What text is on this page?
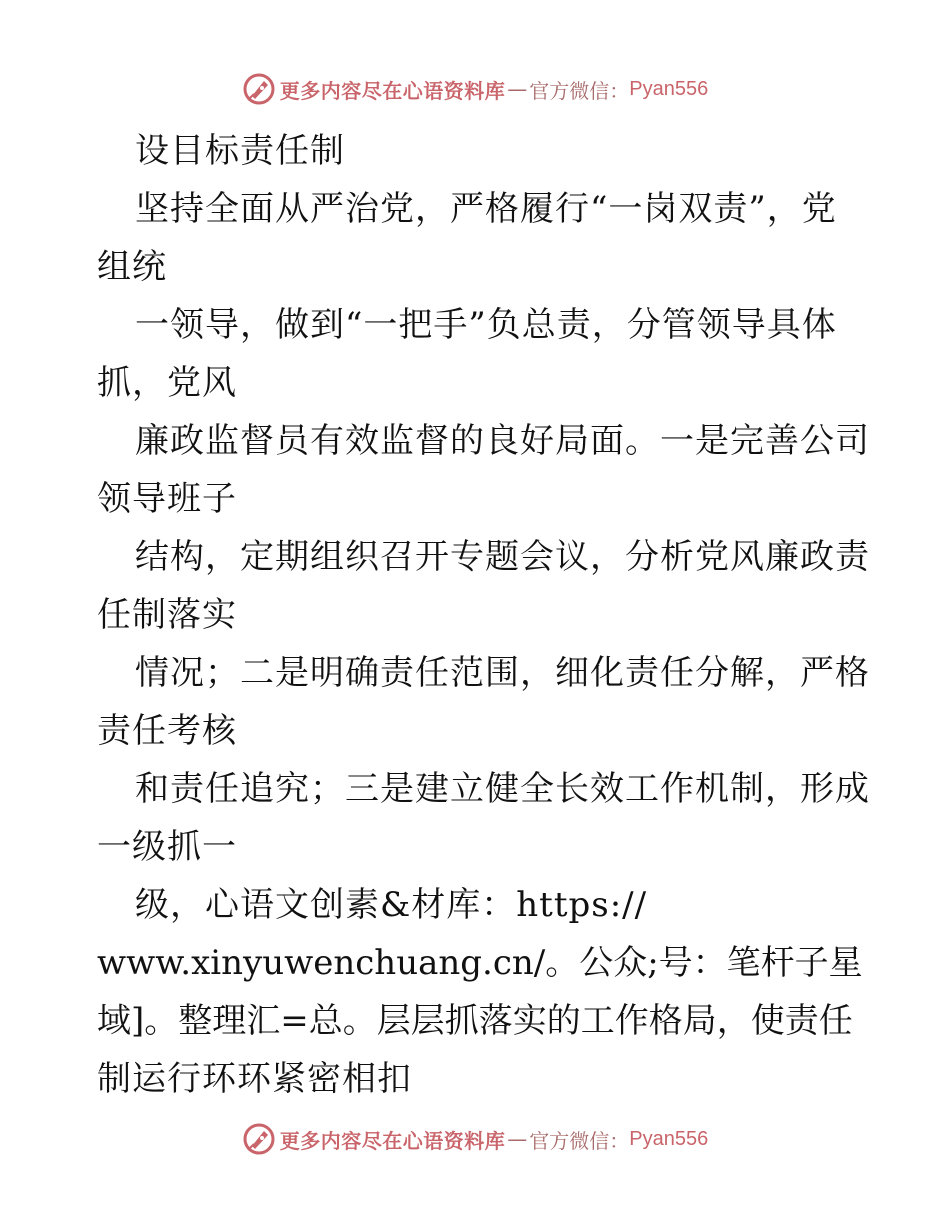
更多内容尽在心语资料库 — 官方微信：Pyan556
设目标责任制
坚持全面从严治党，严格履行“一岗双责”，党
组统
一领导，做到“一把手”负总责，分管领导具体
抓，党风
廉政监督员有效监督的良好局面。一是完善公司
领导班子
结构，定期组织召开专题会议，分析党风廉政责
任制落实
情况；二是明确责任范围，细化责任分解，严格
责任考核
和责任追究；三是建立健全长效工作机制，形成
一级抓一
级，心语文创素&材库：https://
www.xinyuwenchuang.cn/。公众;号：笔杆子星
域]。整理汇=总。层层抓落实的工作格局，使责任
制运行环环紧密相扣
更多内容尽在心语资料库 — 官方微信：Pyan556
